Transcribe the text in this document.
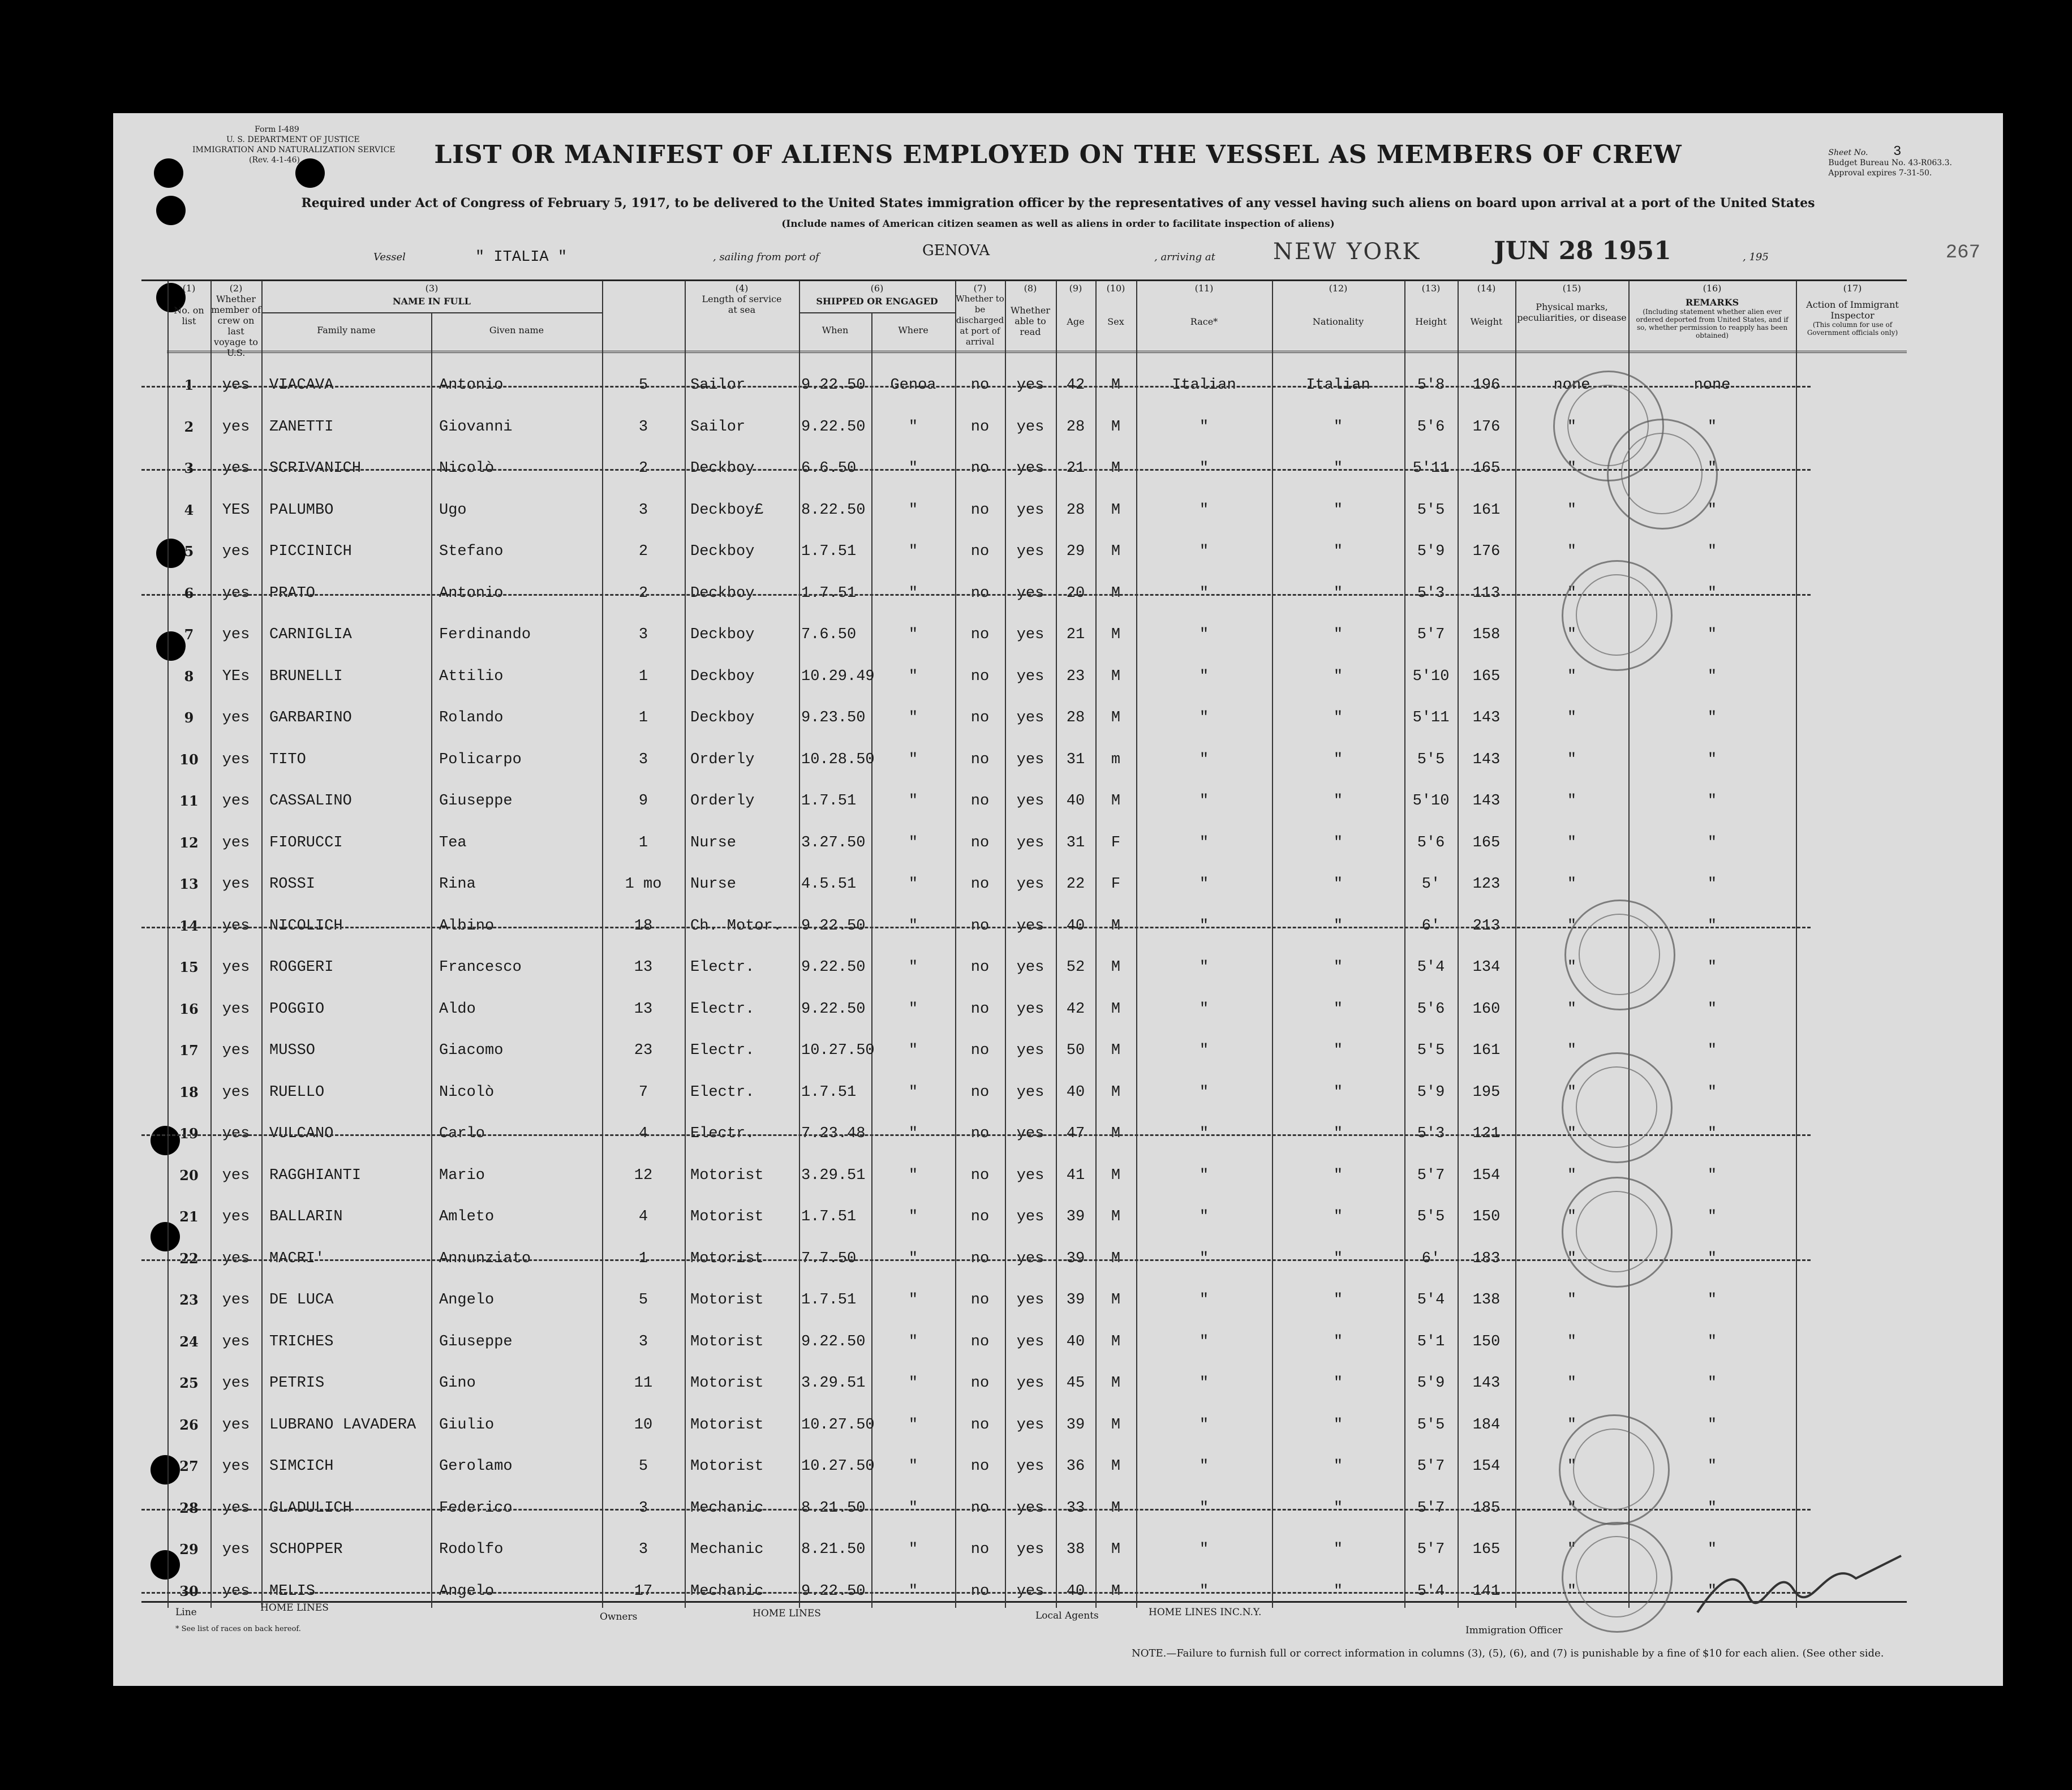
Form I-489
U. S. DEPARTMENT OF JUSTICE
IMMIGRATION AND NATURALIZATION SERVICE
(Rev. 4-1-46)
Sheet No. 3
Budget Bureau No. 43-R063.3.
Approval expires 7-31-50.
267
LIST OR MANIFEST OF ALIENS EMPLOYED ON THE VESSEL AS MEMBERS OF CREW
Required under Act of Congress of February 5, 1917, to be delivered to the United States immigration officer by the representatives of any vessel having such aliens on board upon arrival at a port of the United States
(Include names of American citizen seamen as well as aliens in order to facilitate inspection of aliens)
Vessel	" ITALIA "	, sailing from port of	GENOVA	, arriving at	NEW YORK	JUN 28 1951	, 195
(1)
No. on list
(2)
Whether member of crew on last voyage to U.S.
(3)
NAME IN FULL
Family name	Given name
(4)
Length of service at sea
(6)
SHIPPED OR ENGAGED
When	Where
(7)
Whether to be discharged at port of arrival
(8)
Whether able to read
(9)
Age
(10)
Sex
(11)
Race*
(12)
Nationality
(13)
Height
(14)
Weight
(15)
Physical marks, peculiarities, or disease
(16)
REMARKS
(Including statement whether alien ever ordered deported from United States, and if so, whether permission to reapply has been obtained)
(17)
Action of Immigrant Inspector
(This column for use of Government officials only)
1	yes	VIACAVA	Antonio	5	Sailor	9.22.50	Genoa	no	yes	42	M	Italian	Italian	5'8	196	none	none
2	yes	ZANETTI	Giovanni	3	Sailor	9.22.50	"	no	yes	28	M	"	"	5'6	176	"	"
3	yes	SCRIVANICH	Nicolò	2	Deckboy	6.6.50	"	no	yes	21	M	"	"	5'11	165	"	"
4	YES	PALUMBO	Ugo	3	Deckboy£	8.22.50	"	no	yes	28	M	"	"	5'5	161	"	"
5	yes	PICCINICH	Stefano	2	Deckboy	1.7.51	"	no	yes	29	M	"	"	5'9	176	"	"
6	yes	PRATO	Antonio	2	Deckboy	1.7.51	"	no	yes	20	M	"	"	5'3	113	"	"
7	yes	CARNIGLIA	Ferdinando	3	Deckboy	7.6.50	"	no	yes	21	M	"	"	5'7	158	"	"
8	YEs	BRUNELLI	Attilio	1	Deckboy	10.29.49	"	no	yes	23	M	"	"	5'10	165	"	"
9	yes	GARBARINO	Rolando	1	Deckboy	9.23.50	"	no	yes	28	M	"	"	5'11	143	"	"
10	yes	TITO	Policarpo	3	Orderly	10.28.50	"	no	yes	31	m	"	"	5'5	143	"	"
11	yes	CASSALINO	Giuseppe	9	Orderly	1.7.51	"	no	yes	40	M	"	"	5'10	143	"	"
12	yes	FIORUCCI	Tea	1	Nurse	3.27.50	"	no	yes	31	F	"	"	5'6	165	"	"
13	yes	ROSSI	Rina	1 mo	Nurse	4.5.51	"	no	yes	22	F	"	"	5'	123	"	"
14	yes	NICOLICH	Albino	18	Ch. Motor.	9.22.50	"	no	yes	40	M	"	"	6'	213	"	"
15	yes	ROGGERI	Francesco	13	Electr.	9.22.50	"	no	yes	52	M	"	"	5'4	134	"	"
16	yes	POGGIO	Aldo	13	Electr.	9.22.50	"	no	yes	42	M	"	"	5'6	160	"	"
17	yes	MUSSO	Giacomo	23	Electr.	10.27.50	"	no	yes	50	M	"	"	5'5	161	"	"
18	yes	RUELLO	Nicolò	7	Electr.	1.7.51	"	no	yes	40	M	"	"	5'9	195	"	"
19	yes	VULCANO	Carlo	4	Electr.	7.23.48	"	no	yes	47	M	"	"	5'3	121	"	"
20	yes	RAGGHIANTI	Mario	12	Motorist	3.29.51	"	no	yes	41	M	"	"	5'7	154	"	"
21	yes	BALLARIN	Amleto	4	Motorist	1.7.51	"	no	yes	39	M	"	"	5'5	150	"	"
22	yes	MACRI'	Annunziato	1	Motorist	7.7.50	"	no	yes	39	M	"	"	6'	183	"	"
23	yes	DE LUCA	Angelo	5	Motorist	1.7.51	"	no	yes	39	M	"	"	5'4	138	"	"
24	yes	TRICHES	Giuseppe	3	Motorist	9.22.50	"	no	yes	40	M	"	"	5'1	150	"	"
25	yes	PETRIS	Gino	11	Motorist	3.29.51	"	no	yes	45	M	"	"	5'9	143	"	"
26	yes	LUBRANO LAVADERA	Giulio	10	Motorist	10.27.50	"	no	yes	39	M	"	"	5'5	184	"	"
27	yes	SIMCICH	Gerolamo	5	Motorist	10.27.50	"	no	yes	36	M	"	"	5'7	154	"	"
28	yes	GLADULICH	Federico	3	Mechanic	8.21.50	"	no	yes	33	M	"	"	5'7	185	"	"
29	yes	SCHOPPER	Rodolfo	3	Mechanic	8.21.50	"	no	yes	38	M	"	"	5'7	165	"	"
30	yes	MELIS	Angelo	17	Mechanic	9.22.50	"	no	yes	40	M	"	"	5'4	141	"	"
Line	HOME LINES
* See list of races on back hereof.
Owners	HOME LINES	Local Agents	HOME LINES INC.N.Y.
Immigration Officer
NOTE.—Failure to furnish full or correct information in columns (3), (5), (6), and (7) is punishable by a fine of $10 for each alien. (See other side.
